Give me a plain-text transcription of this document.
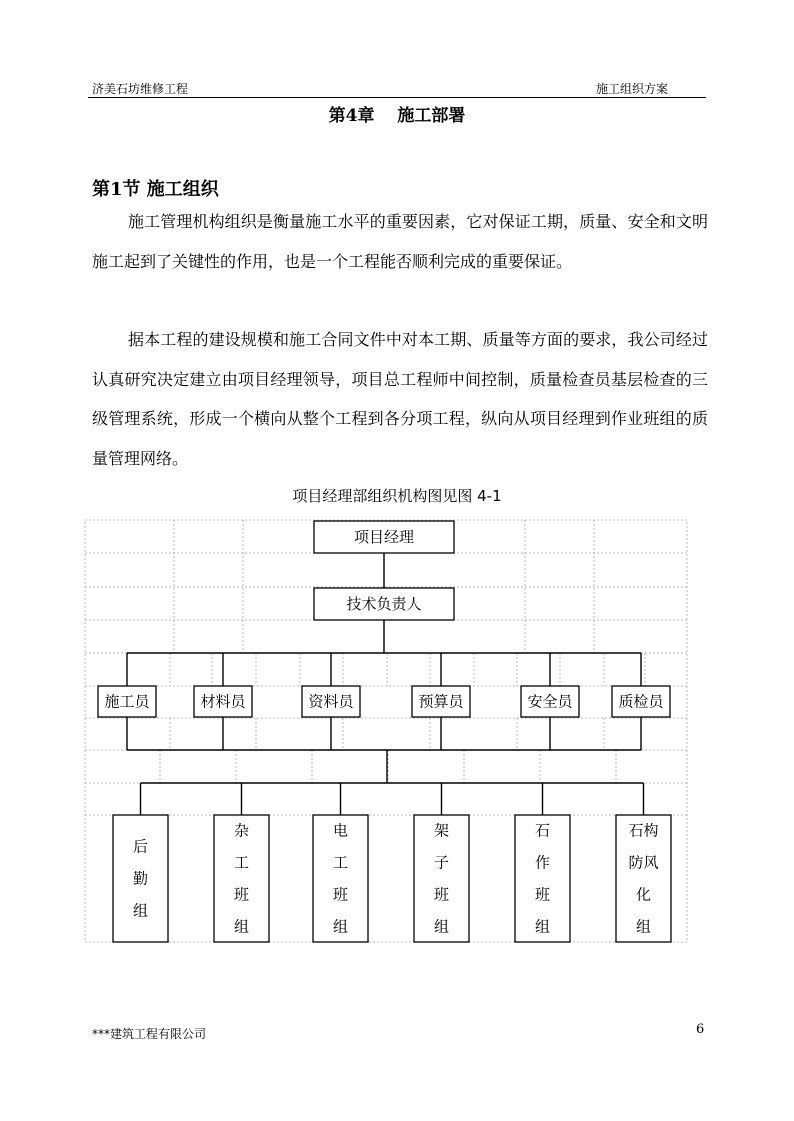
济美石坊维修工程	施工组织方案
第4章　 施工部署
第1节 施工组织

施工管理机构组织是衡量施工水平的重要因素，它对保证工期，质量、安全和文明施工起到了关键性的作用，也是一个工程能否顺利完成的重要保证。

据本工程的建设规模和施工合同文件中对本工期、质量等方面的要求，我公司经过认真研究决定建立由项目经理领导，项目总工程师中间控制，质量检查员基层检查的三级管理系统，形成一个横向从整个工程到各分项工程，纵向从项目经理到作业班组的质量管理网络。

项目经理部组织机构图见图 4-1
项目经理
技术负责人
施工员	材料员	资料员	预算员	安全员	质检员
后
勤
组
杂
工
班
组
电
工
班
组
架
子
班
组
石
作
班
组
石构
防风
化
组
***建筑工程有限公司	6
